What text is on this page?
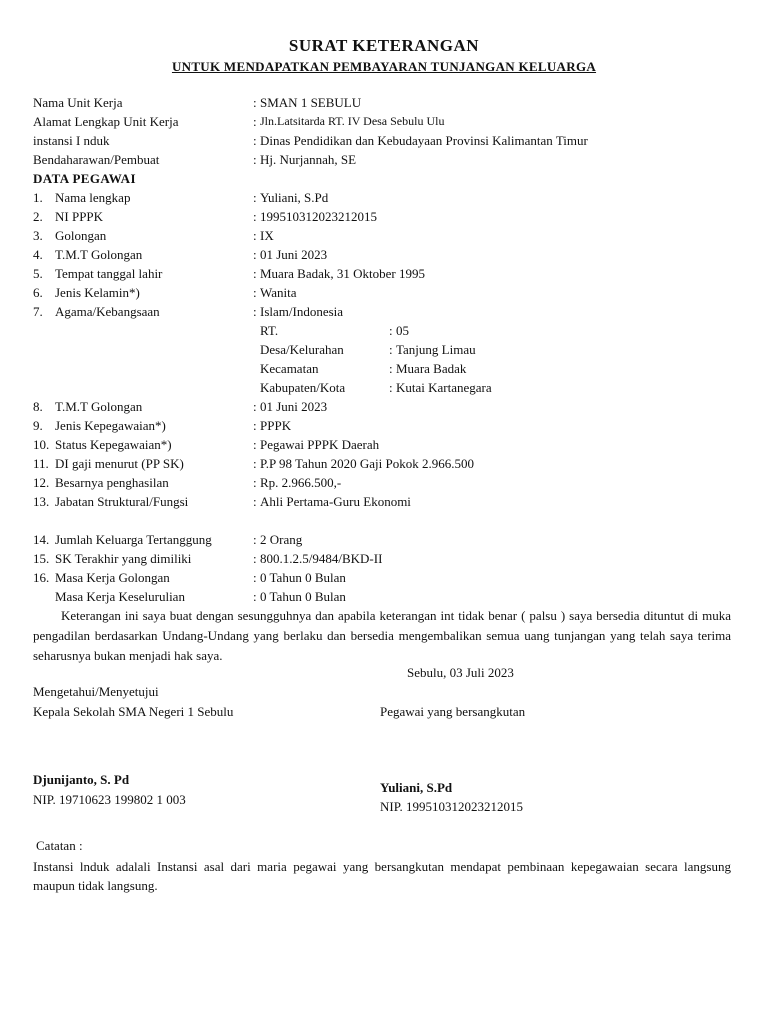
SURAT KETERANGAN
UNTUK MENDAPATKAN PEMBAYARAN TUNJANGAN KELUARGA
Nama Unit Kerja	: SMAN 1 SEBULU
Alamat Lengkap Unit Kerja	: Jln.Latsitarda RT. IV Desa Sebulu Ulu
instansi I nduk	: Dinas Pendidikan dan Kebudayaan Provinsi Kalimantan Timur
Bendaharawan/Pembuat	: Hj. Nurjannah, SE
DATA PEGAWAI
1. Nama lengkap	: Yuliani, S.Pd
2. NI PPPK	: 199510312023212015
3. Golongan	: IX
4. T.M.T Golongan	: 01 Juni 2023
5. Tempat tanggal lahir	: Muara Badak, 31 Oktober 1995
6. Jenis Kelamin*)	: Wanita
7. Agama/Kebangsaan	: Islam/Indonesia
RT.	: 05
Desa/Kelurahan	: Tanjung Limau
Kecamatan	: Muara Badak
Kabupaten/Kota	: Kutai Kartanegara
8. T.M.T Golongan	: 01 Juni 2023
9. Jenis Kepegawaian*)	: PPPK
10. Status Kepegawaian*)	: Pegawai PPPK Daerah
11. DI gaji menurut (PP SK)	: P.P 98 Tahun 2020 Gaji Pokok 2.966.500
12. Besarnya penghasilan	: Rp. 2.966.500,-
13. Jabatan Struktural/Fungsi	: Ahli Pertama-Guru Ekonomi
14. Jumlah Keluarga Tertanggung	: 2 Orang
15. SK Terakhir yang dimiliki	: 800.1.2.5/9484/BKD-II
16. Masa Kerja Golongan	: 0 Tahun 0 Bulan
Masa Kerja Keselurulian	: 0 Tahun 0 Bulan
Keterangan ini saya buat dengan sesungguhnya dan apabila keterangan int tidak benar ( palsu ) saya bersedia dituntut di muka pengadilan berdasarkan Undang-Undang yang berlaku dan bersedia mengembalikan semua uang tunjangan yang telah saya terima seharusnya bukan menjadi hak saya.
Sebulu, 03 Juli 2023
Mengetahui/Menyetujui
Kepala Sekolah SMA Negeri 1 Sebulu	Pegawai yang bersangkutan
Djunijanto, S. Pd
NIP. 19710623 199802 1 003
Yuliani, S.Pd
NIP. 199510312023212015
Catatan :
Instansi lnduk adalali Instansi asal dari maria pegawai yang bersangkutan mendapat pembinaan kepegawaian secara langsung maupun tidak langsung.
